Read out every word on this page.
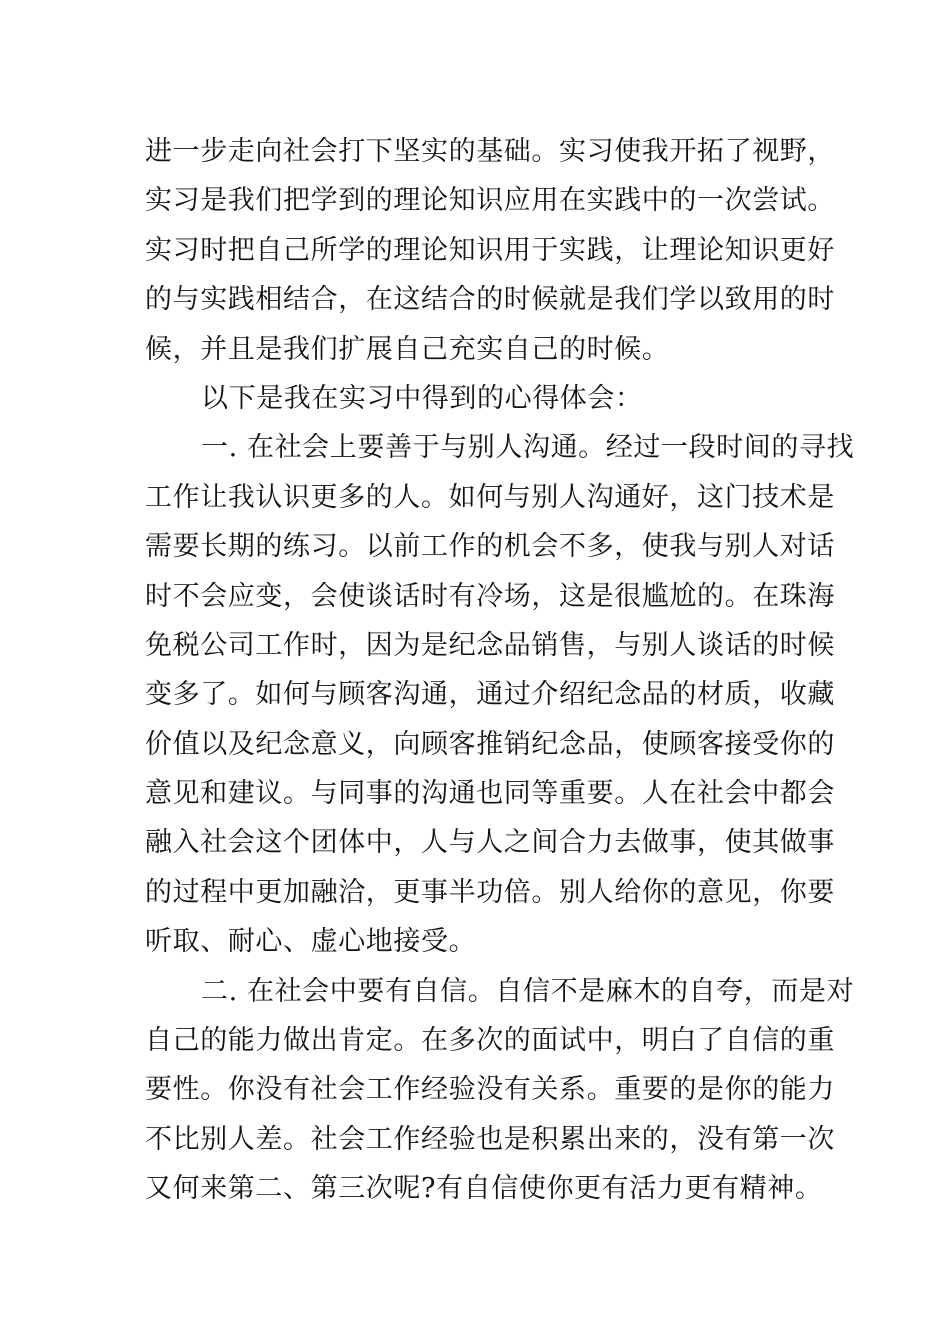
进一步走向社会打下坚实的基础。实习使我开拓了视野，
实习是我们把学到的理论知识应用在实践中的一次尝试。
实习时把自己所学的理论知识用于实践，让理论知识更好
的与实践相结合，在这结合的时候就是我们学以致用的时
候，并且是我们扩展自己充实自己的时候。
以下是我在实习中得到的心得体会：
一. 在社会上要善于与别人沟通。经过一段时间的寻找
工作让我认识更多的人。如何与别人沟通好，这门技术是
需要长期的练习。以前工作的机会不多，使我与别人对话
时不会应变，会使谈话时有冷场，这是很尴尬的。在珠海
免税公司工作时，因为是纪念品销售，与别人谈话的时候
变多了。如何与顾客沟通，通过介绍纪念品的材质，收藏
价值以及纪念意义，向顾客推销纪念品，使顾客接受你的
意见和建议。与同事的沟通也同等重要。人在社会中都会
融入社会这个团体中，人与人之间合力去做事，使其做事
的过程中更加融洽，更事半功倍。别人给你的意见，你要
听取、耐心、虚心地接受。
二. 在社会中要有自信。自信不是麻木的自夸，而是对
自己的能力做出肯定。在多次的面试中，明白了自信的重
要性。你没有社会工作经验没有关系。重要的是你的能力
不比别人差。社会工作经验也是积累出来的，没有第一次
又何来第二、第三次呢?有自信使你更有活力更有精神。
